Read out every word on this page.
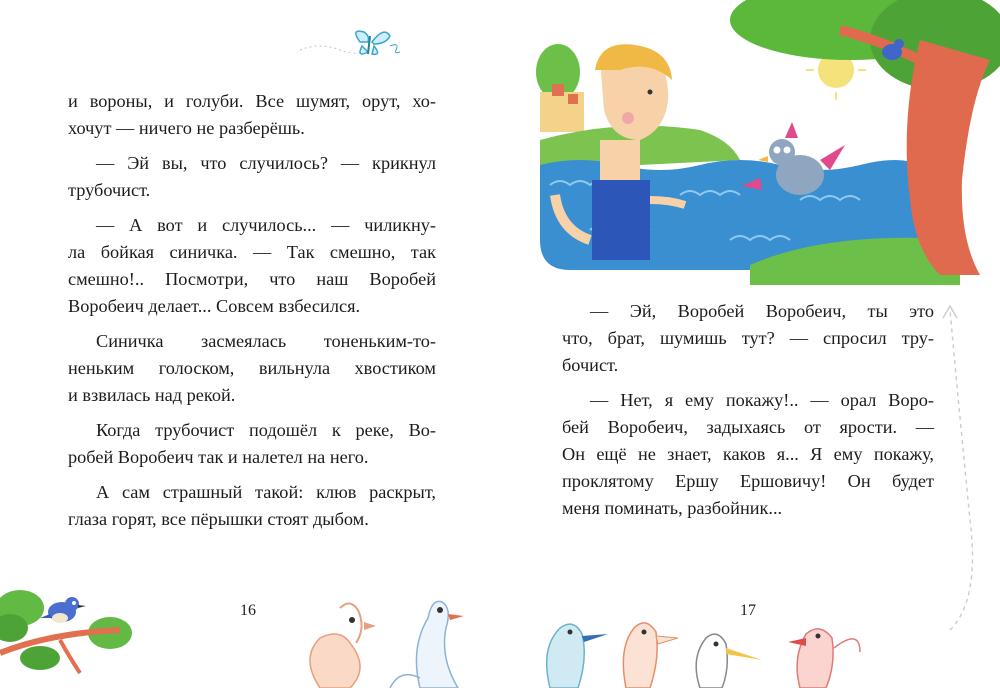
и вороны, и голуби. Все шумят, орут, хо-
хочут — ничего не разберёшь.

— Эй вы, что случилось? — крикнул
трубочист.

— А вот и случилось... — чиликну-
ла бойкая синичка. — Так смешно, так
смешно!.. Посмотри, что наш Воробей
Воробеич делает... Совсем взбесился.

Синичка засмеялась тоненьким-то-
неньким голоском, вильнула хвостиком
и взвилась над рекой.

Когда трубочист подошёл к реке, Во-
робей Воробеич так и налетел на него.

А сам страшный такой: клюв раскрыт,
глаза горят, все пёрышки стоят дыбом.

16

— Эй, Воробей Воробеич, ты это
что, брат, шумишь тут? — спросил тру-
бочист.

— Нет, я ему покажу!.. — орал Воро-
бей Воробеич, задыхаясь от ярости. —
Он ещё не знает, каков я... Я ему покажу,
проклятому Ершу Ершовичу! Он будет
меня поминать, разбойник...

17
